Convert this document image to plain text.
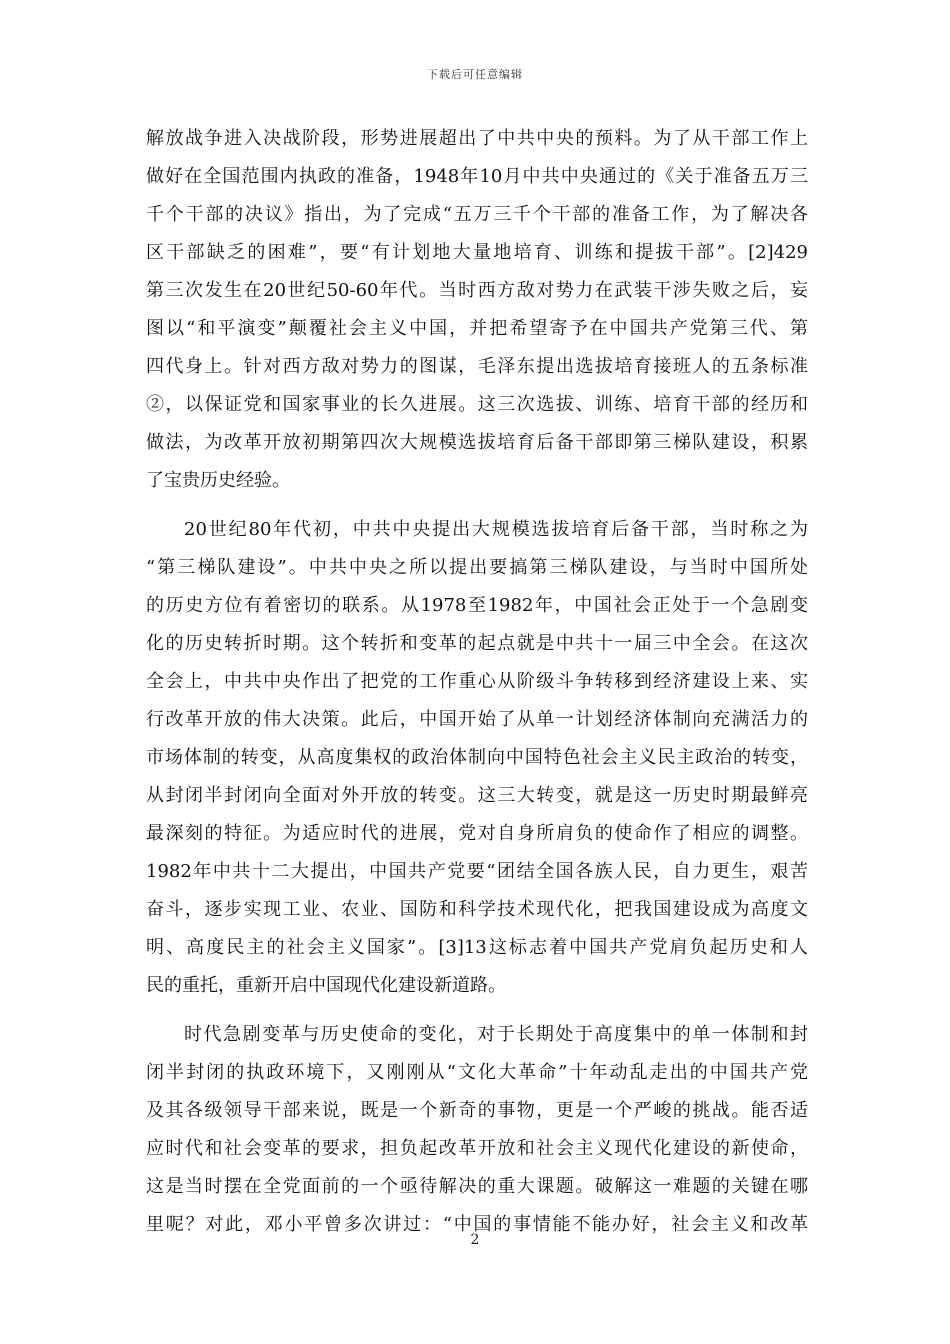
下载后可任意编辑
解放战争进入决战阶段，形势进展超出了中共中央的预料。为了从干部工作上
做好在全国范围内执政的准备，1948年10月中共中央通过的《关于准备五万三
千个干部的决议》指出，为了完成“五万三千个干部的准备工作，为了解决各
区干部缺乏的困难”，要“有计划地大量地培育、训练和提拔干部”。[2]429
第三次发生在20世纪50-60年代。当时西方敌对势力在武装干涉失败之后，妄
图以“和平演变”颠覆社会主义中国，并把希望寄予在中国共产党第三代、第
四代身上。针对西方敌对势力的图谋，毛泽东提出选拔培育接班人的五条标准
②，以保证党和国家事业的长久进展。这三次选拔、训练、培育干部的经历和
做法，为改革开放初期第四次大规模选拔培育后备干部即第三梯队建设，积累
了宝贵历史经验。
20世纪80年代初，中共中央提出大规模选拔培育后备干部，当时称之为
“第三梯队建设”。中共中央之所以提出要搞第三梯队建设，与当时中国所处
的历史方位有着密切的联系。从1978至1982年，中国社会正处于一个急剧变
化的历史转折时期。这个转折和变革的起点就是中共十一届三中全会。在这次
全会上，中共中央作出了把党的工作重心从阶级斗争转移到经济建设上来、实
行改革开放的伟大决策。此后，中国开始了从单一计划经济体制向充满活力的
市场体制的转变，从高度集权的政治体制向中国特色社会主义民主政治的转变，
从封闭半封闭向全面对外开放的转变。这三大转变，就是这一历史时期最鲜亮
最深刻的特征。为适应时代的进展，党对自身所肩负的使命作了相应的调整。
1982年中共十二大提出，中国共产党要“团结全国各族人民，自力更生，艰苦
奋斗，逐步实现工业、农业、国防和科学技术现代化，把我国建设成为高度文
明、高度民主的社会主义国家”。[3]13这标志着中国共产党肩负起历史和人
民的重托，重新开启中国现代化建设新道路。
时代急剧变革与历史使命的变化，对于长期处于高度集中的单一体制和封
闭半封闭的执政环境下，又刚刚从“文化大革命”十年动乱走出的中国共产党
及其各级领导干部来说，既是一个新奇的事物，更是一个严峻的挑战。能否适
应时代和社会变革的要求，担负起改革开放和社会主义现代化建设的新使命，
这是当时摆在全党面前的一个亟待解决的重大课题。破解这一难题的关键在哪
里呢？对此，邓小平曾多次讲过：“中国的事情能不能办好，社会主义和改革
2
